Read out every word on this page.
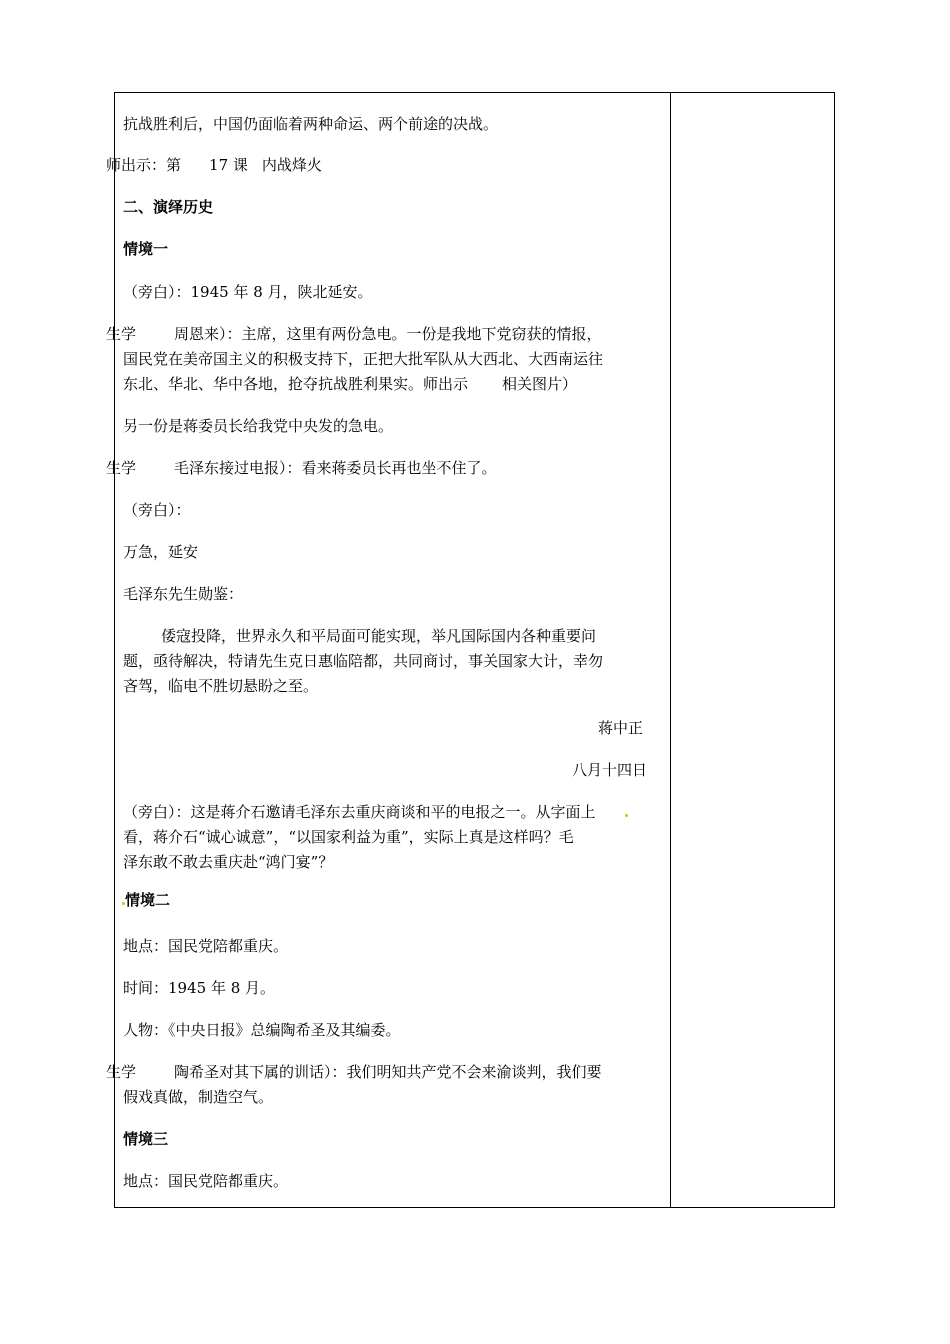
抗战胜利后，中国仍面临着两种命运、两个前途的决战。
师出示：第 17 课 内战烽火
二、演绎历史
情境一
（旁白）：1945 年 8 月，陕北延安。
生学	周恩来）：主席，这里有两份急电。一份是我地下党窃获的情报，
国民党在美帝国主义的积极支持下，正把大批军队从大西北、大西南运往
东北、华北、华中各地，抢夺抗战胜利果实。师出示 相关图片）
另一份是蒋委员长给我党中央发的急电。
生学	毛泽东接过电报）：看来蒋委员长再也坐不住了。
（旁白）：
万急，延安
毛泽东先生勋鉴：
倭寇投降，世界永久和平局面可能实现，举凡国际国内各种重要问
题，亟待解决，特请先生克日惠临陪都，共同商讨，事关国家大计，幸勿
吝驾，临电不胜切悬盼之至。
蒋中正
八月十四日
（旁白）：这是蒋介石邀请毛泽东去重庆商谈和平的电报之一。从字面上
看，蒋介石“诚心诚意”，“以国家利益为重”，实际上真是这样吗？毛
泽东敢不敢去重庆赴“鸿门宴”？
情境二
地点：国民党陪都重庆。
时间：1945 年 8 月。
人物：《中央日报》总编陶希圣及其编委。
生学	陶希圣对其下属的训话）：我们明知共产党不会来渝谈判，我们要
假戏真做，制造空气。
情境三
地点：国民党陪都重庆。
